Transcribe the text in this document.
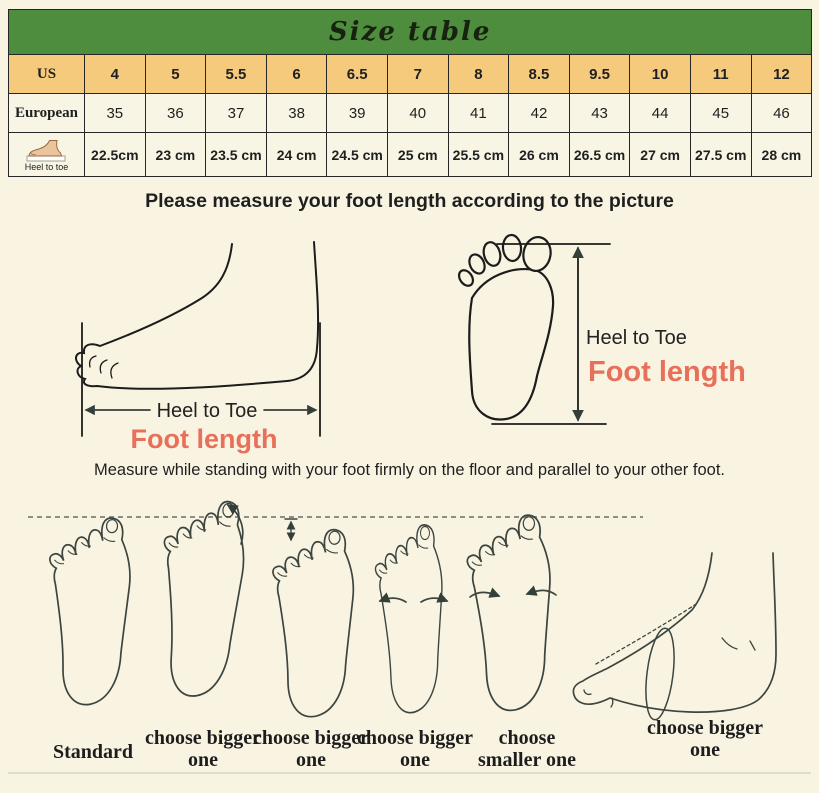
Size table												
US	4	5	5.5	6	6.5	7	8	8.5	9.5	10	11	12
European	35	36	37	38	39	40	41	42	43	44	45	46

Heel to toe	22.5cm	23 cm	23.5 cm	24 cm	24.5 cm	25 cm	25.5 cm	26 cm	26.5 cm	27 cm	27.5 cm	28 cm
Please measure your foot length according to the picture
Heel to Toe
Foot length
Heel to Toe
Foot length
Measure while standing with your foot firmly on the floor and parallel to your other foot.
Standard
choose bigger one
choose bigger one
choose bigger one
choose smaller one
choose bigger one
